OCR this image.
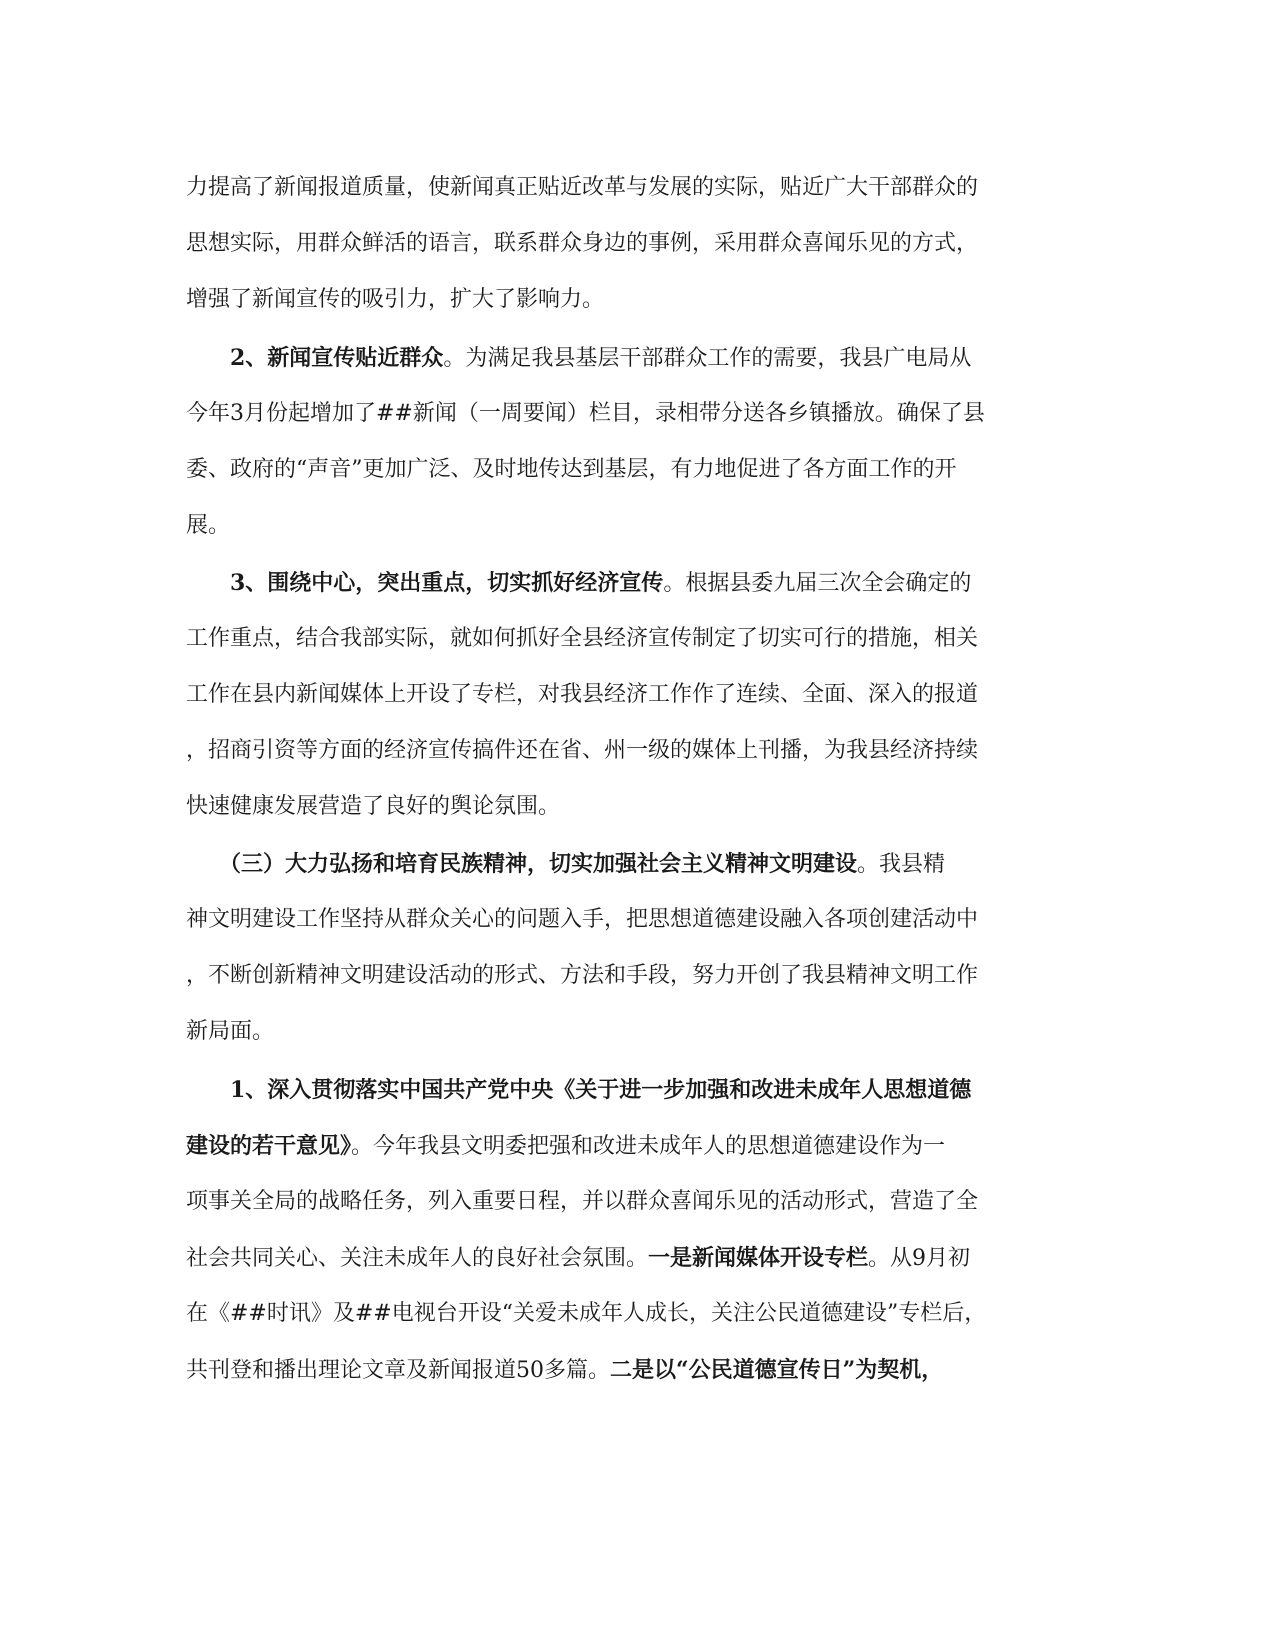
力提高了新闻报道质量，使新闻真正贴近改革与发展的实际，贴近广大干部群众的
思想实际，用群众鲜活的语言，联系群众身边的事例，采用群众喜闻乐见的方式，
增强了新闻宣传的吸引力，扩大了影响力。
　　2、新闻宣传贴近群众。为满足我县基层干部群众工作的需要，我县广电局从
今年3月份起增加了##新闻（一周要闻）栏目，录相带分送各乡镇播放。确保了县
委、政府的“声音”更加广泛、及时地传达到基层，有力地促进了各方面工作的开
展。
　　3、围绕中心，突出重点，切实抓好经济宣传。根据县委九届三次全会确定的
工作重点，结合我部实际，就如何抓好全县经济宣传制定了切实可行的措施，相关
工作在县内新闻媒体上开设了专栏，对我县经济工作作了连续、全面、深入的报道
，招商引资等方面的经济宣传搞件还在省、州一级的媒体上刊播，为我县经济持续
快速健康发展营造了良好的舆论氛围。
　　（三）大力弘扬和培育民族精神，切实加强社会主义精神文明建设。我县精
神文明建设工作坚持从群众关心的问题入手，把思想道德建设融入各项创建活动中
，不断创新精神文明建设活动的形式、方法和手段，努力开创了我县精神文明工作
新局面。
　　1、深入贯彻落实中国共产党中央《关于进一步加强和改进未成年人思想道德
建设的若干意见》。今年我县文明委把强和改进未成年人的思想道德建设作为一
项事关全局的战略任务，列入重要日程，并以群众喜闻乐见的活动形式，营造了全
社会共同关心、关注未成年人的良好社会氛围。一是新闻媒体开设专栏。从9月初
在《##时讯》及##电视台开设“关爱未成年人成长，关注公民道德建设”专栏后，
共刊登和播出理论文章及新闻报道50多篇。二是以“公民道德宣传日”为契机，
